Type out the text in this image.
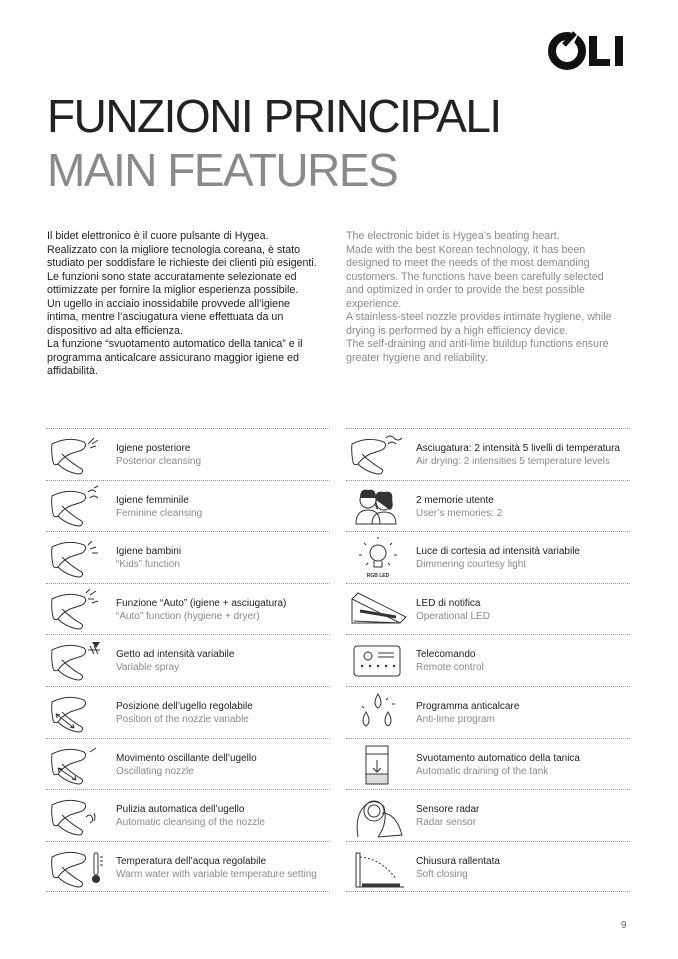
OLI
FUNZIONI PRINCIPALI
MAIN FEATURES
Il bidet elettronico è il cuore pulsante di Hygea.
Realizzato con la migliore tecnologia coreana, è stato
studiato per soddisfare le richieste dei clienti più esigenti.
Le funzioni sono state accuratamente selezionate ed
ottimizzate per fornire la miglior esperienza possibile.
Un ugello in acciaio inossidabile provvede all’igiene
intima, mentre l’asciugatura viene effettuata da un
dispositivo ad alta efficienza.
La funzione “svuotamento automatico della tanica” e il
programma anticalcare assicurano maggior igiene ed
affidabilità.
The electronic bidet is Hygea’s beating heart.
Made with the best Korean technology, it has been
designed to meet the needs of the most demanding
customers. The functions have been carefully selected
and optimized in order to provide the best possible
experience.
A stainless-steel nozzle provides intimate hygiene, while
drying is performed by a high efficiency device.
The self-draining and anti-lime buildup functions ensure
greater hygiene and reliability.
Igiene posteriore
Posterior cleansing
Igiene femminile
Feminine cleansing
Igiene bambini
“Kids” function
Funzione “Auto” (igiene + asciugatura)
“Auto” function (hygiene + dryer)
Getto ad intensità variabile
Variable spray
Posizione dell’ugello regolabile
Position of the nozzle variable
Movimento oscillante dell’ugello
Oscillating nozzle
Pulizia automatica dell’ugello
Automatic cleansing of the nozzle
Temperatura dell’acqua regolabile
Warm water with variable temperature setting
Asciugatura: 2 intensità 5 livelli di temperatura
Air drying: 2 intensities 5 temperature levels
2 memorie utente
User’s memories: 2
RGB LED
Luce di cortesia ad intensità variabile
Dimmering courtesy light
LED di notifica
Operational LED
Telecomando
Remote control
Programma anticalcare
Anti-lime program
Svuotamento automatico della tanica
Automatic draining of the tank
Sensore radar
Radar sensor
Chiusura rallentata
Soft closing
9
